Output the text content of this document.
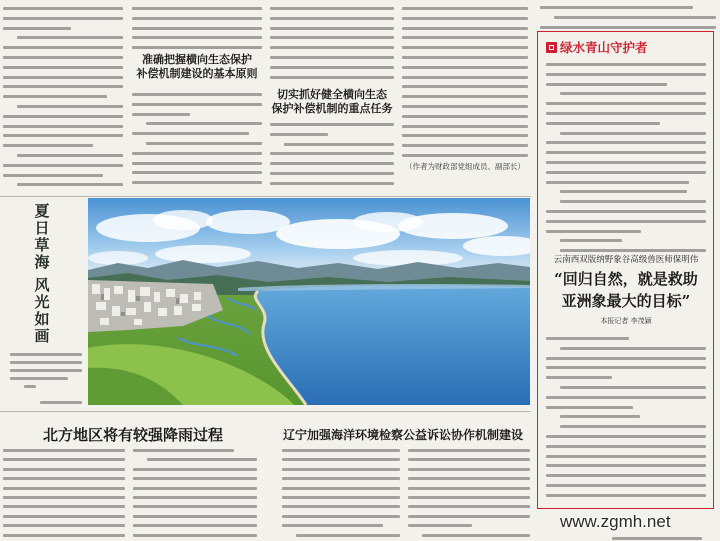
准确把握横向生态保护
补偿机制建设的基本原则
切实抓好健全横向生态
保护补偿机制的重点任务
（作者为财政部党组成员、副部长）
夏日草海
风光如画
北方地区将有较强降雨过程	辽宁加强海洋环境检察公益诉讼协作机制建设
绿水青山守护者
云南西双版纳野象谷高级兽医师保明伟
“回归自然，就是救助
亚洲象最大的目标”
本报记者 李茂颖
www.zgmh.net
